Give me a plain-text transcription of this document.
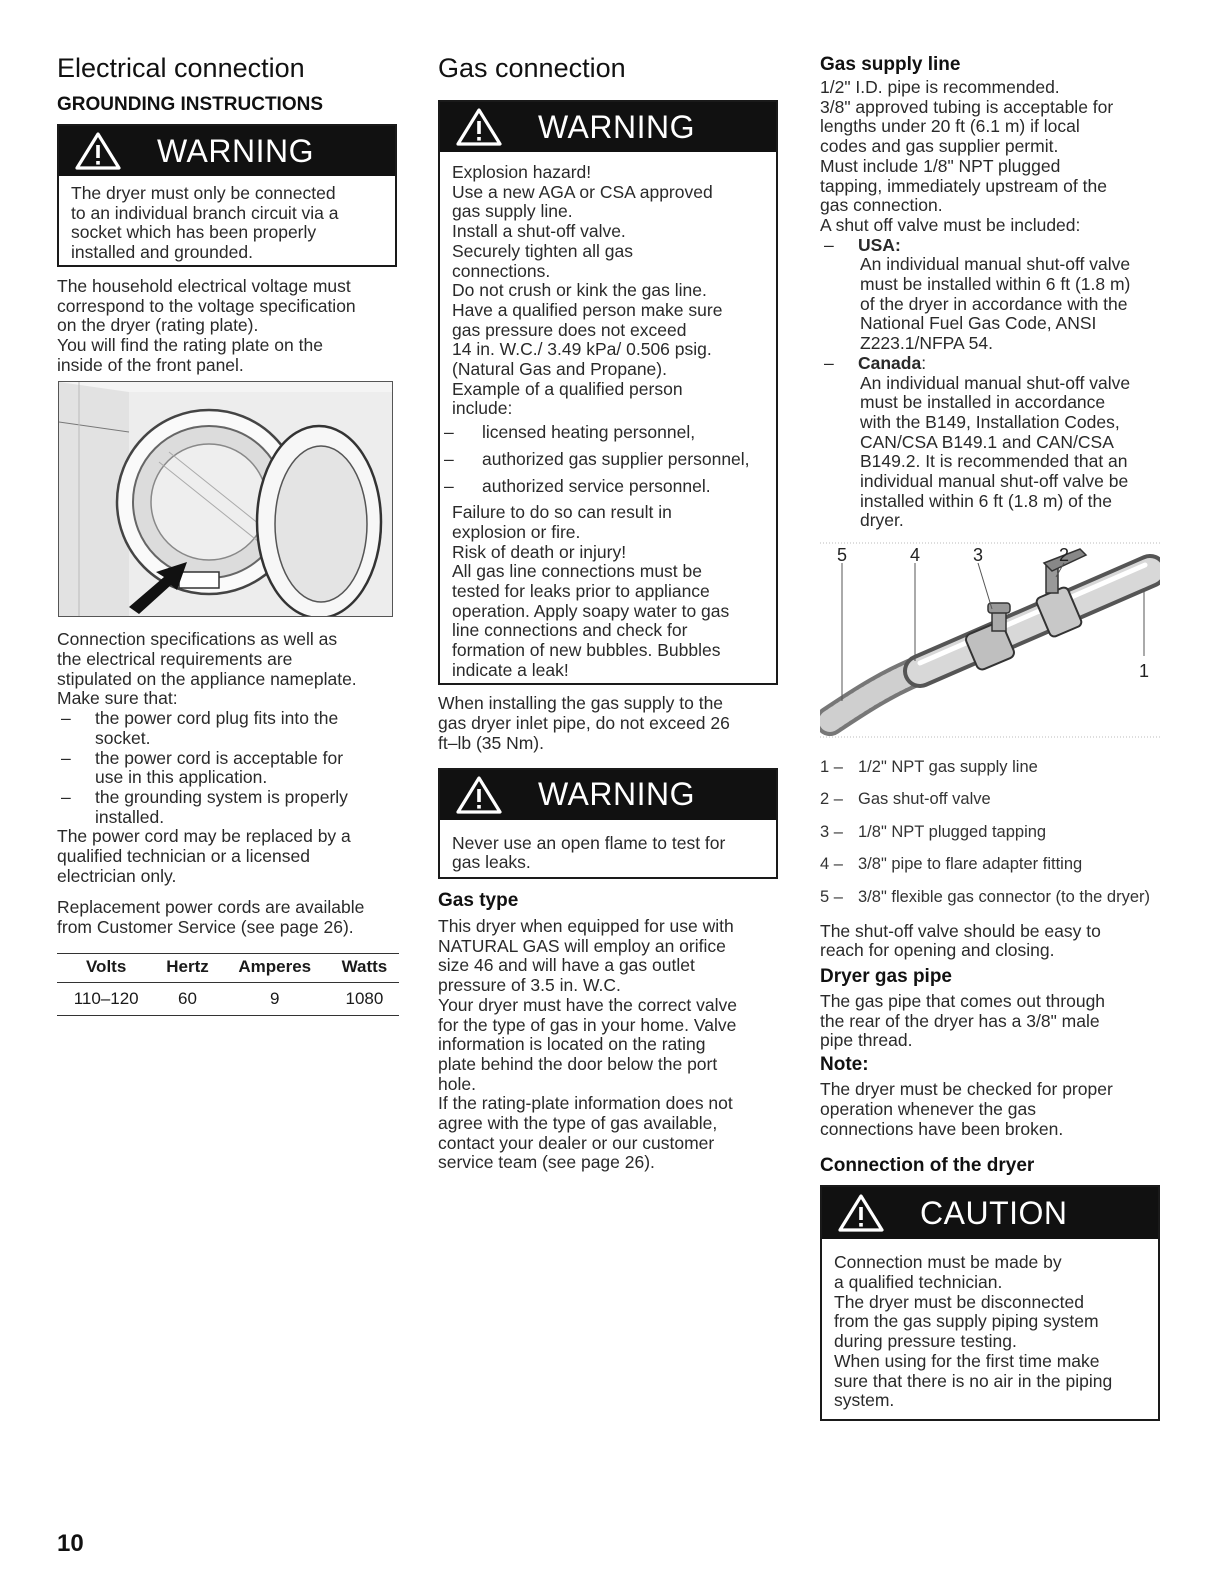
Electrical connection
GROUNDING INSTRUCTIONS
WARNING

The dryer must only be connected

to an individual branch circuit via a

socket which has been properly

installed and grounded.

The household electrical voltage must

correspond to the voltage specification

on the dryer (rating plate).

You will find the rating plate on the

inside of the front panel.

Connection specifications as well as

the electrical requirements are

stipulated on the appliance nameplate.

Make sure that:

–	the power cord plug fits into the

socket.

–	the power cord is acceptable for

use in this application.

–	the grounding system is properly

installed.

The power cord may be replaced by a

qualified technician or a licensed

electrician only.

Replacement power cords are available

from Customer Service (see page 26).

Volts	Hertz	Amperes	Watts
110–120	60	9	1080
Gas connection
WARNING

Explosion hazard!

Use a new AGA or CSA approved

gas supply line.

Install a shut-off valve.

Securely tighten all gas

connections.

Do not crush or kink the gas line.

Have a qualified person make sure

gas pressure does not exceed

14 in. W.C./ 3.49 kPa/ 0.506 psig.

(Natural Gas and Propane).

Example of a qualified person

include:

–	licensed heating personnel,
–	authorized gas supplier personnel,
–	authorized service personnel.

Failure to do so can result in

explosion or fire.

Risk of death or injury!

All gas line connections must be

tested for leaks prior to appliance

operation. Apply soapy water to gas

line connections and check for

formation of new bubbles. Bubbles

indicate a leak!

When installing the gas supply to the

gas dryer inlet pipe, do not exceed 26

ft–lb (35 Nm).

WARNING

Never use an open flame to test for

gas leaks.

Gas type

This dryer when equipped for use with

NATURAL GAS will employ an orifice

size 46 and will have a gas outlet

pressure of 3.5 in. W.C.

Your dryer must have the correct valve

for the type of gas in your home. Valve

information is located on the rating

plate behind the door below the port

hole.

If the rating-plate information does not

agree with the type of gas available,

contact your dealer or our customer

service team (see page 26).

Gas supply line

1/2" I.D. pipe is recommended.

3/8" approved tubing is acceptable for

lengths under 20 ft (6.1 m) if local

codes and gas supplier permit.

Must include 1/8" NPT plugged

tapping, immediately upstream of the

gas connection.

A shut off valve must be included:

–	USA:

An individual manual shut-off valve

must be installed within 6 ft (1.8 m)

of the dryer in accordance with the

National Fuel Gas Code, ANSI

Z223.1/NFPA 54.

–	Canada:

An individual manual shut-off valve

must be installed in accordance

with the B149, Installation Codes,

CAN/CSA B149.1 and CAN/CSA

B149.2. It is recommended that an

individual manual shut-off valve be

installed within 6 ft (1.8 m) of the

dryer.

5	4	3	2
1
1 – 1/2 " NPT gas supply line
2 – Gas shut-off valve
3 – 1/8 " NPT plugged tapping
4 – 3/8 " pipe to flare adapter fitting
5 – 3/8 " flexible gas connector (to the dryer)

The shut-off valve should be easy to

reach for opening and closing.

Dryer gas pipe

The gas pipe that comes out through

the rear of the dryer has a 3/8" male

pipe thread.

Note:

The dryer must be checked for proper

operation whenever the gas

connections have been broken.

Connection of the dryer
CAUTION

Connection must be made by

a qualified technician.

The dryer must be disconnected

from the gas supply piping system

during pressure testing.

When using for the first time make

sure that there is no air in the piping

system.

10
